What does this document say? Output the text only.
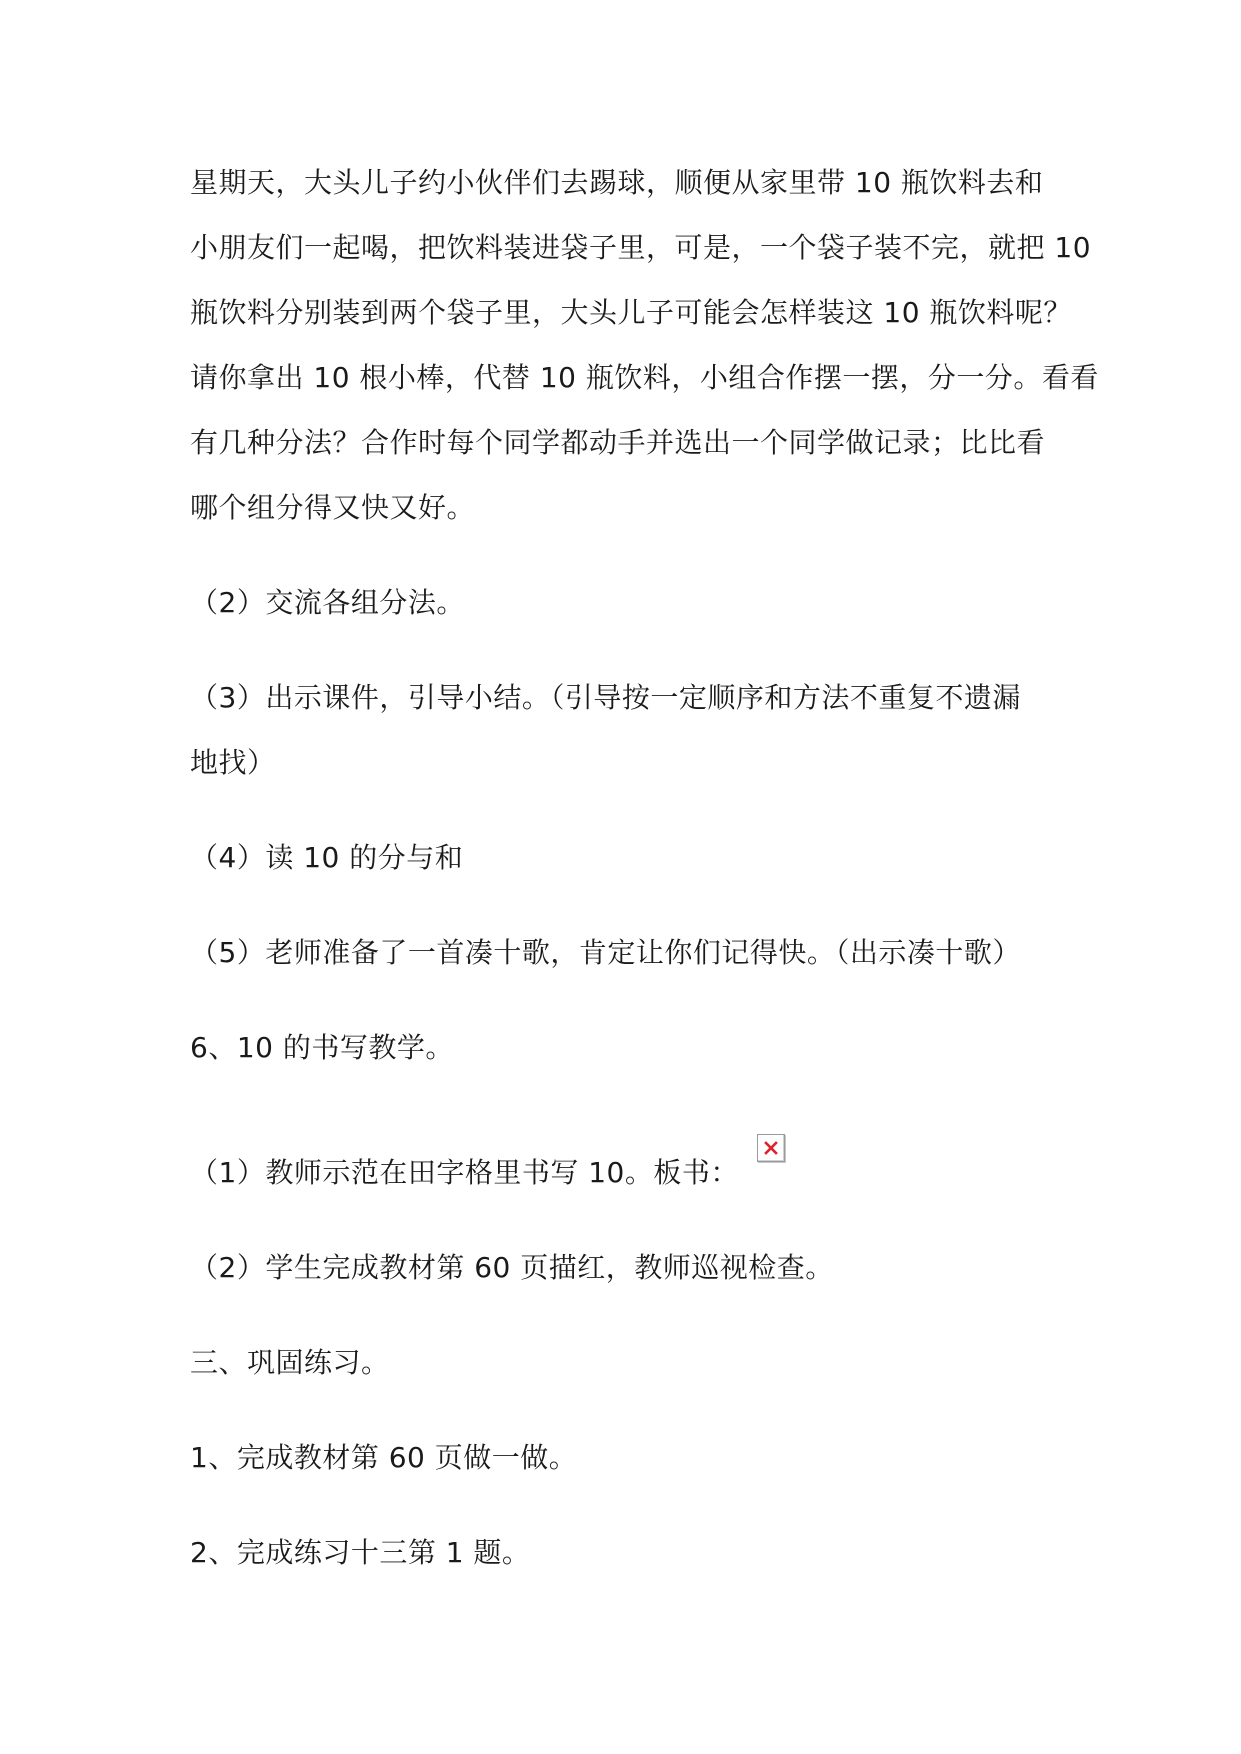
星期天，大头儿子约小伙伴们去踢球，顺便从家里带 10 瓶饮料去和

小朋友们一起喝，把饮料装进袋子里，可是，一个袋子装不完，就把 10

瓶饮料分别装到两个袋子里，大头儿子可能会怎样装这 10 瓶饮料呢？

请你拿出 10 根小棒，代替 10 瓶饮料，小组合作摆一摆，分一分。看看

有几种分法？合作时每个同学都动手并选出一个同学做记录；比比看

哪个组分得又快又好。

（2）交流各组分法。

（3）出示课件，引导小结。（引导按一定顺序和方法不重复不遗漏

地找）

（4）读 10 的分与和

（5）老师准备了一首凑十歌，肯定让你们记得快。（出示凑十歌）

6、10 的书写教学。

（1）教师示范在田字格里书写 10。板书：

（2）学生完成教材第 60 页描红，教师巡视检查。

三、巩固练习。

1、完成教材第 60 页做一做。

2、完成练习十三第 1 题。
